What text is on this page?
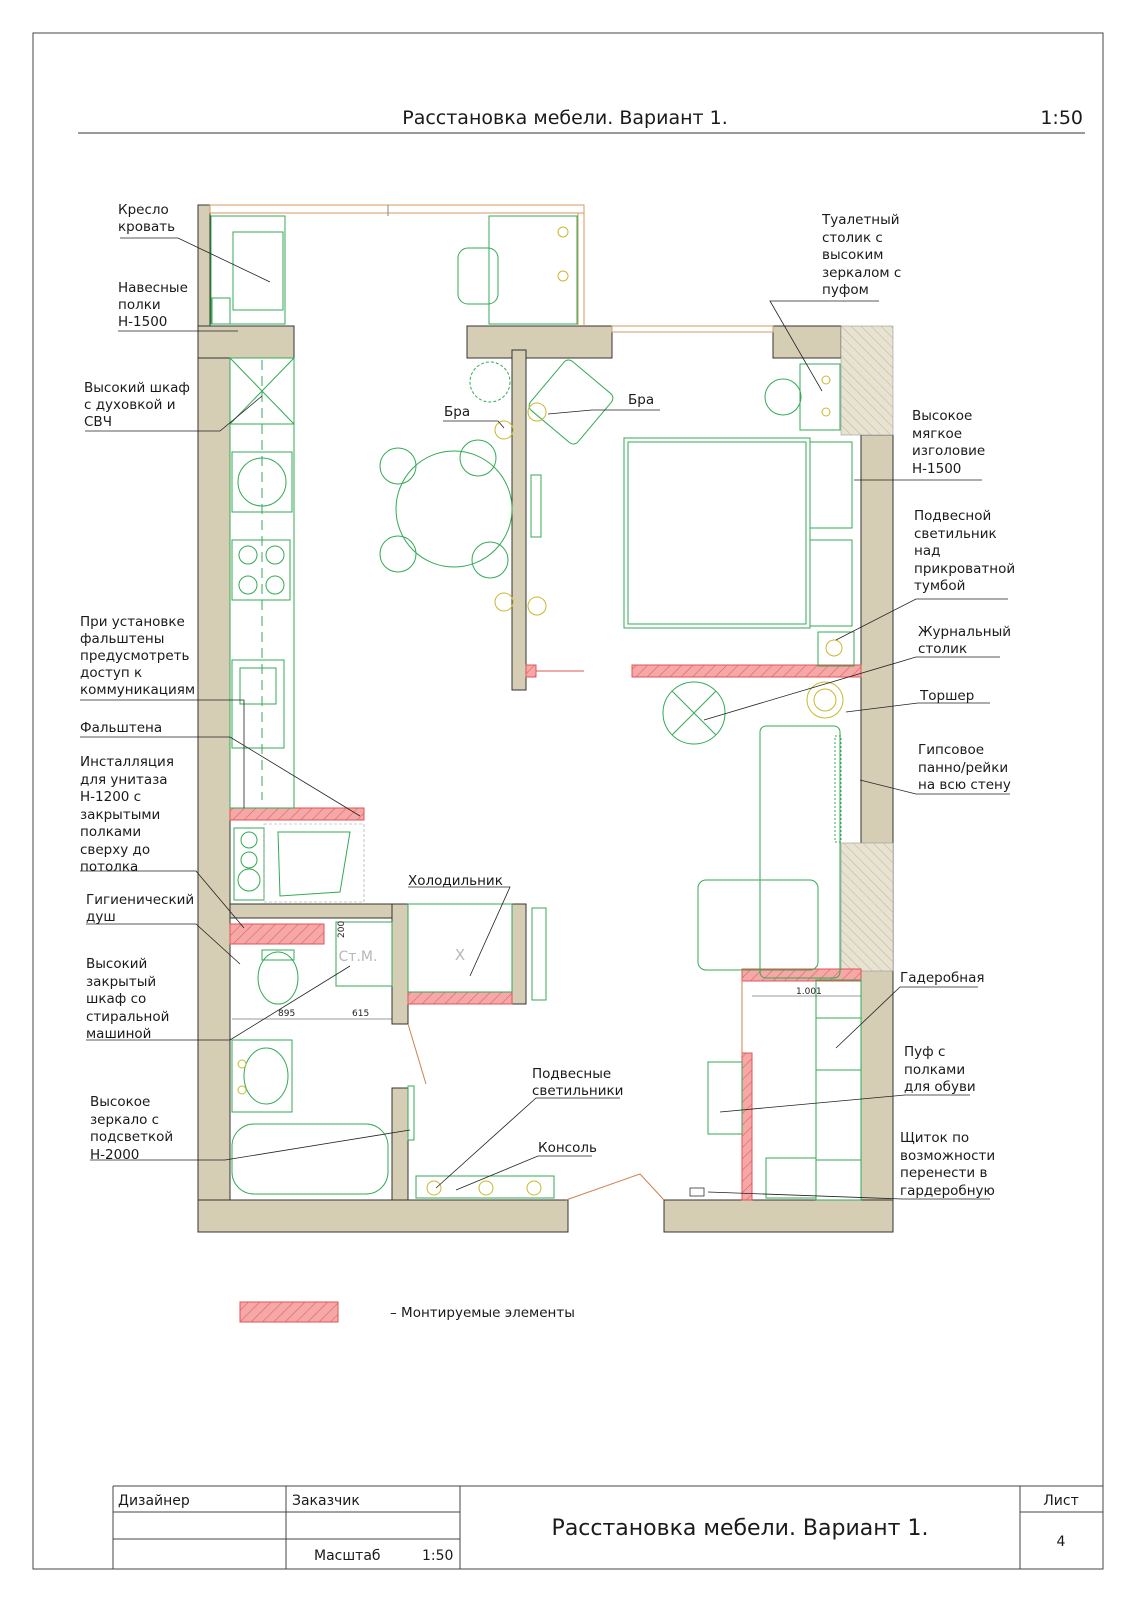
Расстановка мебели. Вариант 1.	1:50
Ст.М.	Х
200
895	615
1.001
Кресло кровать
Навесные полки Н-1500
Высокий шкаф с духовкой и СВЧ
При установке фальштены предусмотреть доступ к коммуникациям
Фальштена
Инсталляция для унитаза Н-1200 с закрытыми полками сверху до потолка
Гигиенический душ
Высокий закрытый шкаф со стиральной машиной
Высокое зеркало с подсветкой Н-2000
Холодильник
Подвесные светильники
Консоль
Бра
Бра
Туалетный столик с высоким зеркалом с пуфом
Высокое мягкое изголовие Н-1500
Подвесной светильник над прикроватной тумбой
Журнальный столик
Торшер
Гипсовое панно/рейки на всю стену
Гадеробная
Пуф с полками для обуви
Щиток по возможности перенести в гардеробную
– Монтируемые элементы
Дизайнер	Заказчик
Масштаб	1:50
Расстановка мебели. Вариант 1.
Лист
4
